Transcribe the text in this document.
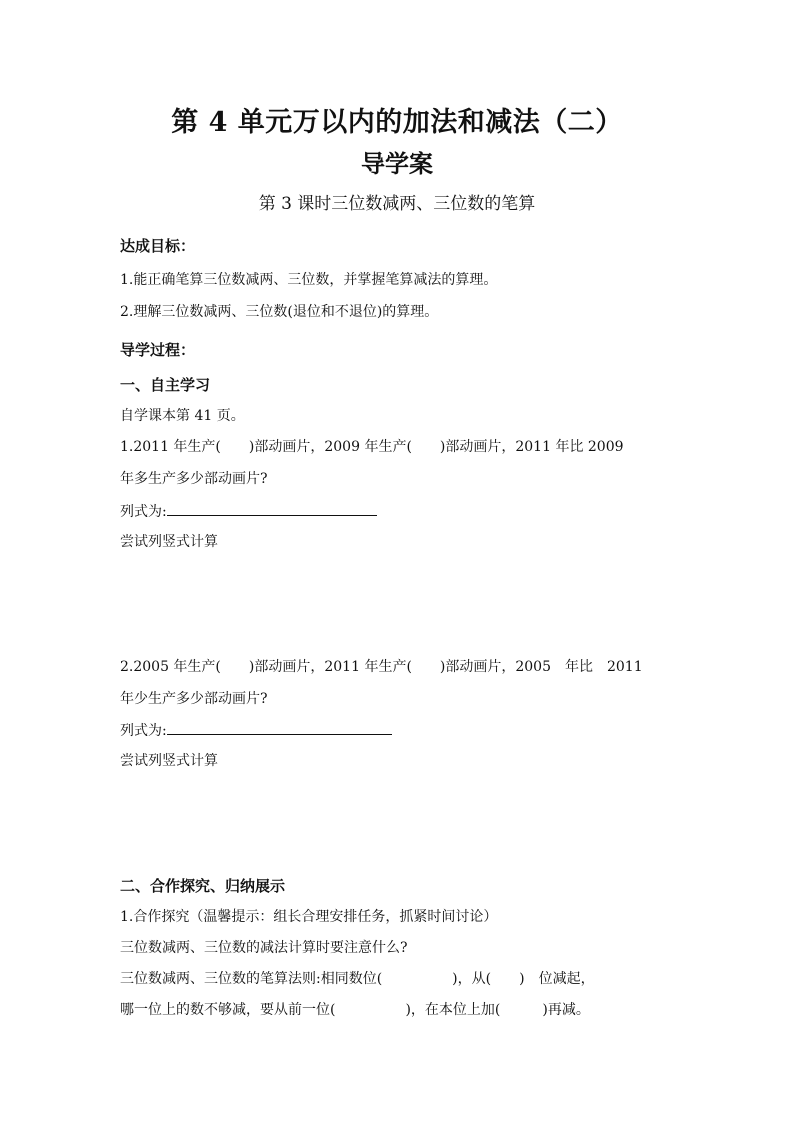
第 4 单元万以内的加法和减法（二）
导学案
第 3 课时三位数减两、三位数的笔算
达成目标：
1.能正确笔算三位数减两、三位数，并掌握笔算减法的算理。
2.理解三位数减两、三位数(退位和不退位)的算理。
导学过程：
一、自主学习
自学课本第 41 页。
1.2011 年生产(　　)部动画片，2009 年生产(　　)部动画片，2011 年比 2009
年多生产多少部动画片?
列式为:
尝试列竖式计算
2.2005 年生产(　　)部动画片，2011 年生产(　　)部动画片，2005　年比　2011
年少生产多少部动画片?
列式为:
尝试列竖式计算
二、合作探究、归纳展示
1.合作探究（温馨提示：组长合理安排任务，抓紧时间讨论）
三位数减两、三位数的减法计算时要注意什么?
三位数减两、三位数的笔算法则:相同数位(　　　　　)，从(　　)　位减起，
哪一位上的数不够减，要从前一位(　　　　　)，在本位上加(　　　)再减。
